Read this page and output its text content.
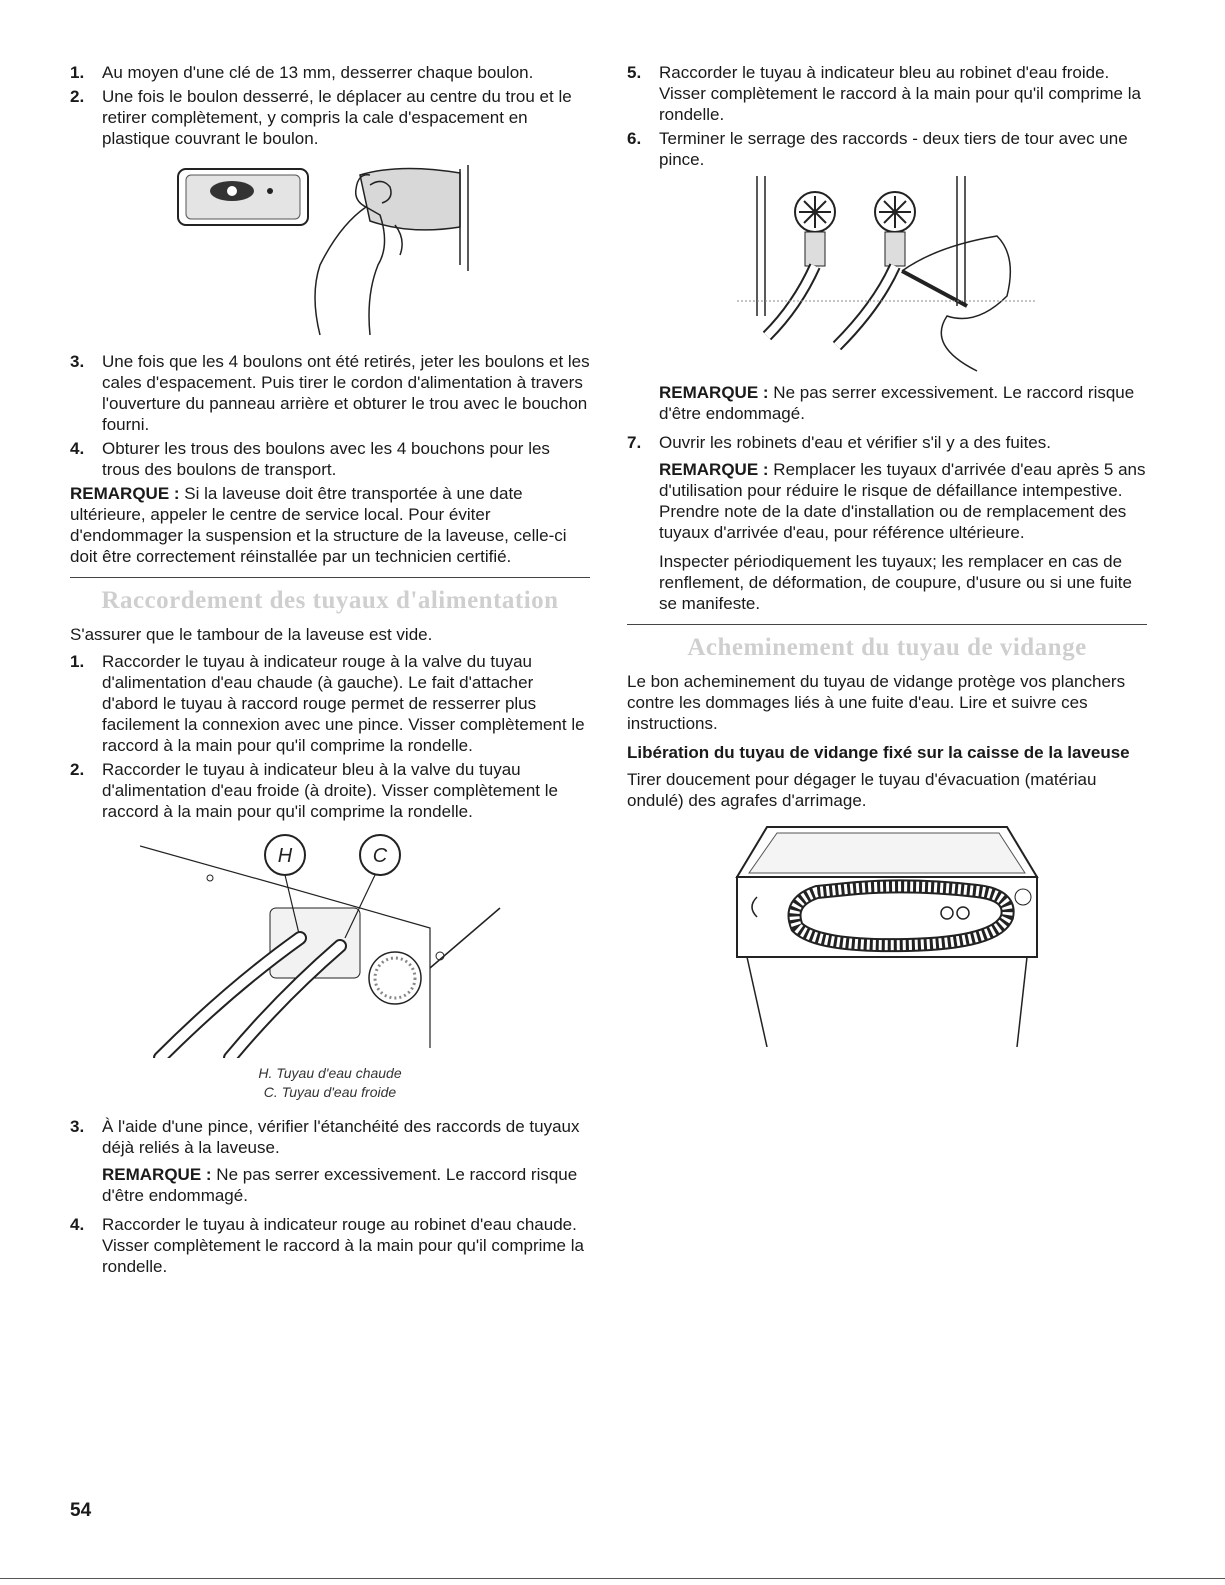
1.	Au moyen d'une clé de 13 mm, desserrer chaque boulon.
2.	Une fois le boulon desserré, le déplacer au centre du trou et le retirer complètement, y compris la cale d'espacement en plastique couvrant le boulon.
3.	Une fois que les 4 boulons ont été retirés, jeter les boulons et les cales d'espacement. Puis tirer le cordon d'alimentation à travers l'ouverture du panneau arrière et obturer le trou avec le bouchon fourni.
4.	Obturer les trous des boulons avec les 4 bouchons pour les trous des boulons de transport.

REMARQUE : Si la laveuse doit être transportée à une date ultérieure, appeler le centre de service local. Pour éviter d'endommager la suspension et la structure de la laveuse, celle-ci doit être correctement réinstallée par un technicien certifié.

Raccordement des tuyaux d'alimentation

S'assurer que le tambour de la laveuse est vide.

1.	Raccorder le tuyau à indicateur rouge à la valve du tuyau d'alimentation d'eau chaude (à gauche). Le fait d'attacher d'abord le tuyau à raccord rouge permet de resserrer plus facilement la connexion avec une pince. Visser complètement le raccord à la main pour qu'il comprime la rondelle.
2.	Raccorder le tuyau à indicateur bleu à la valve du tuyau d'alimentation d'eau froide (à droite). Visser complètement le raccord à la main pour qu'il comprime la rondelle.
H	C

H. Tuyau d'eau chaude

C. Tuyau d'eau froide

3.	À l'aide d'une pince, vérifier l'étanchéité des raccords de tuyaux déjà reliés à la laveuse.

REMARQUE : Ne pas serrer excessivement. Le raccord risque d'être endommagé.

4.	Raccorder le tuyau à indicateur rouge au robinet d'eau chaude. Visser complètement le raccord à la main pour qu'il comprime la rondelle.
5.	Raccorder le tuyau à indicateur bleu au robinet d'eau froide. Visser complètement le raccord à la main pour qu'il comprime la rondelle.
6.	Terminer le serrage des raccords - deux tiers de tour avec une pince.

REMARQUE : Ne pas serrer excessivement. Le raccord risque d'être endommagé.

7.	Ouvrir les robinets d'eau et vérifier s'il y a des fuites.

REMARQUE : Remplacer les tuyaux d'arrivée d'eau après 5 ans d'utilisation pour réduire le risque de défaillance intempestive. Prendre note de la date d'installation ou de remplacement des tuyaux d'arrivée d'eau, pour référence ultérieure.

Inspecter périodiquement les tuyaux; les remplacer en cas de renflement, de déformation, de coupure, d'usure ou si une fuite se manifeste.

Acheminement du tuyau de vidange

Le bon acheminement du tuyau de vidange protège vos planchers contre les dommages liés à une fuite d'eau. Lire et suivre ces instructions.

Libération du tuyau de vidange fixé sur la caisse de la laveuse

Tirer doucement pour dégager le tuyau d'évacuation (matériau ondulé) des agrafes d'arrimage.

54
